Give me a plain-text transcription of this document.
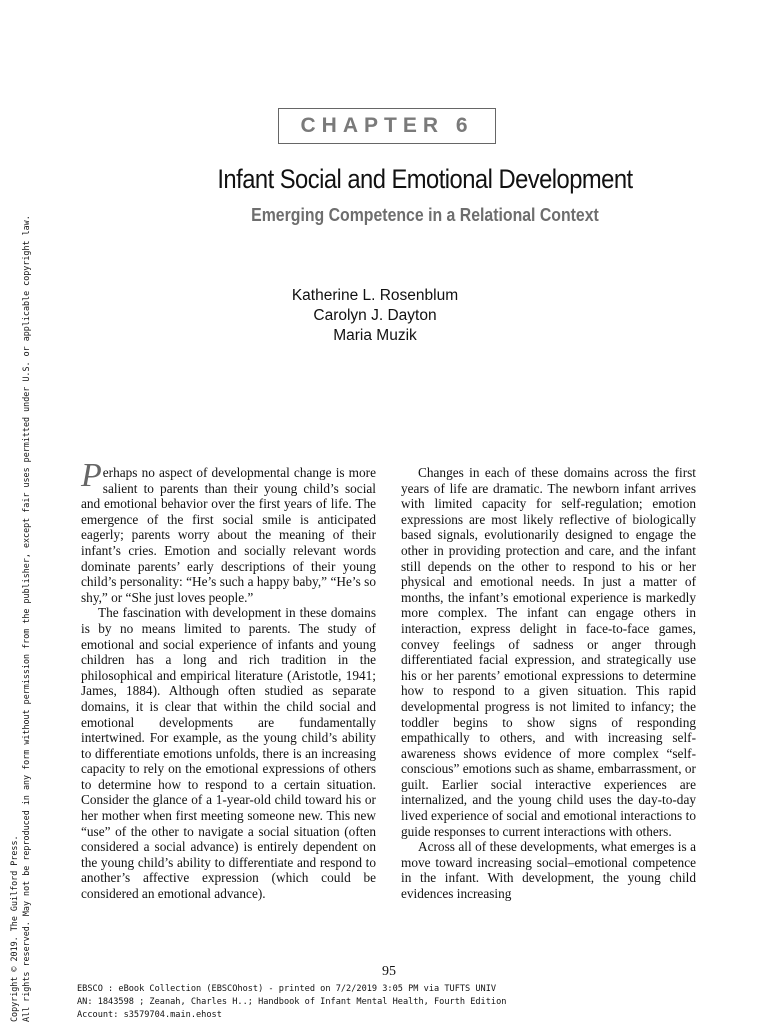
Copyright © 2019. The Guilford Press. All rights reserved. May not be reproduced in any form without permission from the publisher, except fair uses permitted under U.S. or applicable copyright law.
CHAPTER 6
Infant Social and Emotional Development
Emerging Competence in a Relational Context
Katherine L. Rosenblum
Carolyn J. Dayton
Maria Muzik

Perhaps no aspect of developmental change is more salient to parents than their young child’s social and emotional behavior over the first years of life. The emergence of the first social smile is anticipated eagerly; parents worry about the meaning of their infant’s cries. Emotion and socially relevant words dominate parents’ early descriptions of their young child’s personality: “He’s such a happy baby,” “He’s so shy,” or “She just loves people.”

The fascination with development in these domains is by no means limited to parents. The study of emotional and social experience of infants and young children has a long and rich tradition in the philosophical and empirical literature (Aristotle, 1941; James, 1884). Although often studied as separate domains, it is clear that within the child social and emotional developments are fundamentally intertwined. For example, as the young child’s ability to differentiate emotions unfolds, there is an increasing capacity to rely on the emotional expressions of others to determine how to respond to a certain situation. Consider the glance of a 1-year-old child toward his or her mother when first meeting someone new. This new “use” of the other to navigate a social situation (often considered a social advance) is entirely dependent on the young child’s ability to differentiate and respond to another’s affective expression (which could be considered an emotional advance).

Changes in each of these domains across the first years of life are dramatic. The newborn infant arrives with limited capacity for self-regulation; emotion expressions are most likely reflective of biologically based signals, evolutionarily designed to engage the other in providing protection and care, and the infant still depends on the other to respond to his or her physical and emotional needs. In just a matter of months, the infant’s emotional experience is markedly more complex. The infant can engage others in interaction, express delight in face-to-face games, convey feelings of sadness or anger through differentiated facial expression, and strategically use his or her parents’ emotional expressions to determine how to respond to a given situation. This rapid developmental progress is not limited to infancy; the toddler begins to show signs of responding empathically to others, and with increasing self-awareness shows evidence of more complex “self-conscious” emotions such as shame, embarrassment, or guilt. Earlier social interactive experiences are internalized, and the young child uses the day-to-day lived experience of social and emotional interactions to guide responses to current interactions with others.

Across all of these developments, what emerges is a move toward increasing social–emotional competence in the infant. With development, the young child evidences increasing

95
EBSCO : eBook Collection (EBSCOhost) - printed on 7/2/2019 3:05 PM via TUFTS UNIV
AN: 1843598 ; Zeanah, Charles H..; Handbook of Infant Mental Health, Fourth Edition
Account: s3579704.main.ehost
